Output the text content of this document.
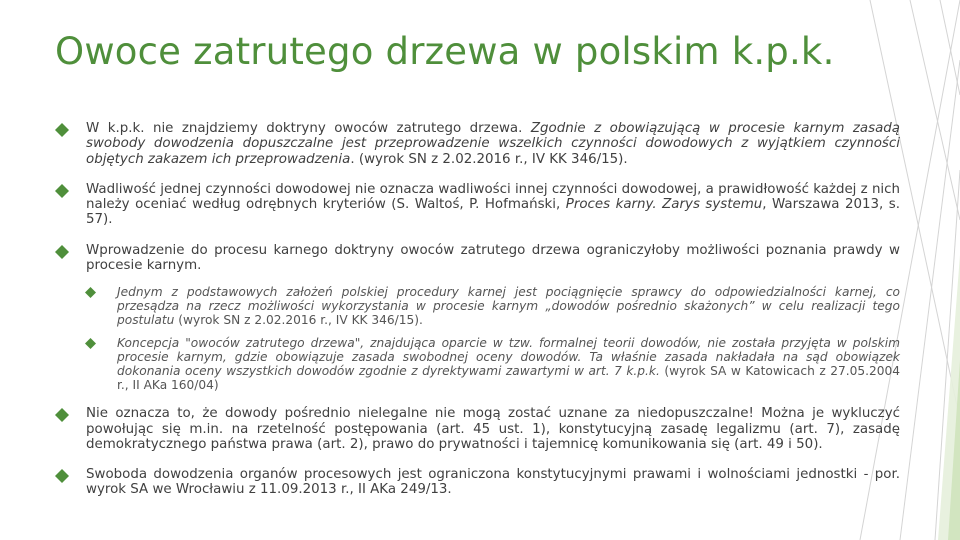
Owoce zatrutego drzewa w polskim k.p.k.
W k.p.k. nie znajdziemy doktryny owoców zatrutego drzewa. Zgodnie z obowiązującą w procesie karnym zasadą swobody dowodzenia dopuszczalne jest przeprowadzenie wszelkich czynności dowodowych z wyjątkiem czynności objętych zakazem ich przeprowadzenia. (wyrok SN z 2.02.2016 r., IV KK 346/15).
Wadliwość jednej czynności dowodowej nie oznacza wadliwości innej czynności dowodowej, a prawidłowość każdej z nich należy oceniać według odrębnych kryteriów (S. Waltoś, P. Hofmański, Proces karny. Zarys systemu, Warszawa 2013, s. 57).
Wprowadzenie do procesu karnego doktryny owoców zatrutego drzewa ograniczyłoby możliwości poznania prawdy w procesie karnym.
Jednym z podstawowych założeń polskiej procedury karnej jest pociągnięcie sprawcy do odpowiedzialności karnej, co przesądza na rzecz możliwości wykorzystania w procesie karnym „dowodów pośrednio skażonych” w celu realizacji tego postulatu (wyrok SN z 2.02.2016 r., IV KK 346/15).
Koncepcja "owoców zatrutego drzewa", znajdująca oparcie w tzw. formalnej teorii dowodów, nie została przyjęta w polskim procesie karnym, gdzie obowiązuje zasada swobodnej oceny dowodów. Ta właśnie zasada nakładała na sąd obowiązek dokonania oceny wszystkich dowodów zgodnie z dyrektywami zawartymi w art. 7 k.p.k. (wyrok SA w Katowicach z 27.05.2004 r., II AKa 160/04)
Nie oznacza to, że dowody pośrednio nielegalne nie mogą zostać uznane za niedopuszczalne! Można je wykluczyć powołując się m.in. na rzetelność postępowania (art. 45 ust. 1), konstytucyjną zasadę legalizmu (art. 7), zasadę demokratycznego państwa prawa (art. 2), prawo do prywatności i tajemnicę komunikowania się (art. 49 i 50).
Swoboda dowodzenia organów procesowych jest ograniczona konstytucyjnymi prawami i wolnościami jednostki - por. wyrok SA we Wrocławiu z 11.09.2013 r., II AKa 249/13.
